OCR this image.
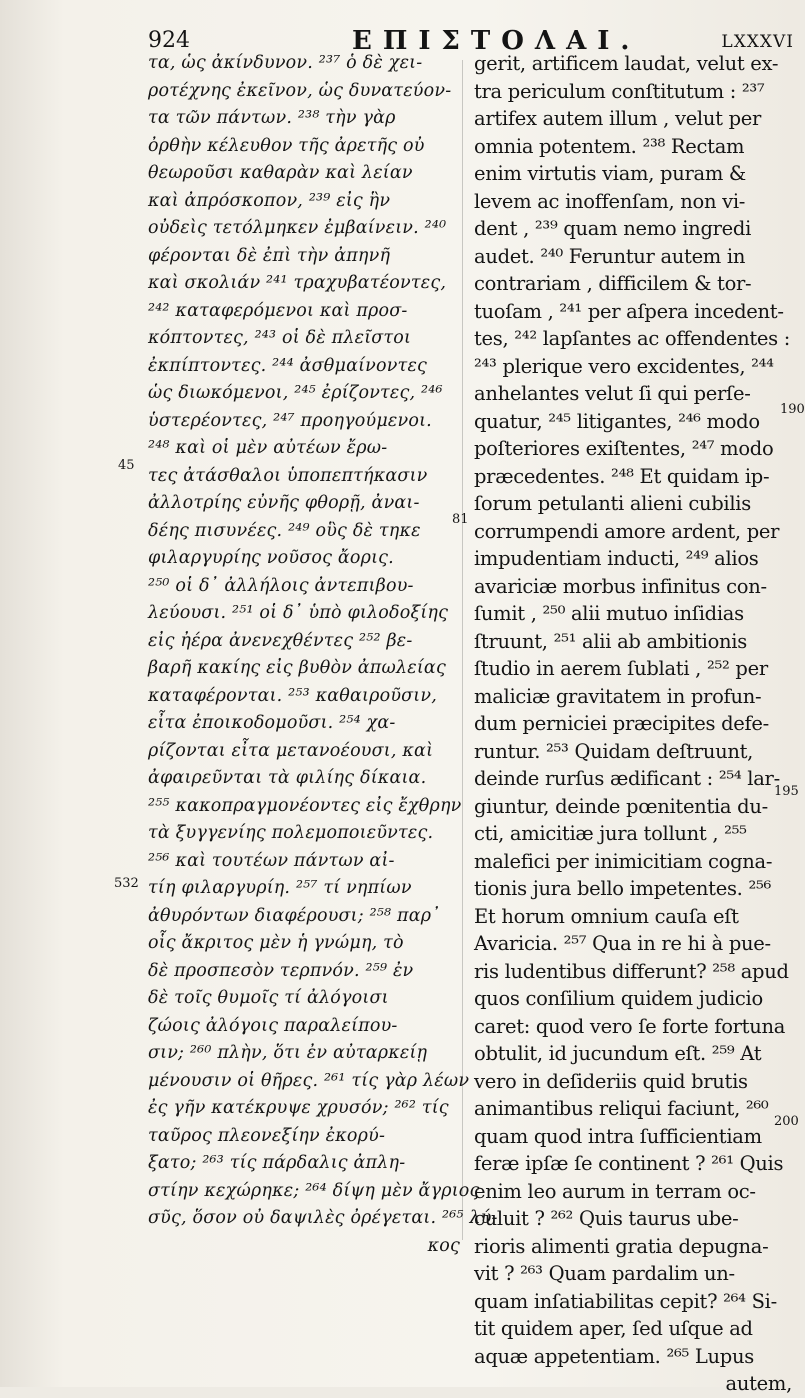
924	ΕΠΙΣΤΟΛΑΙ.	LXXXVI
τα, ὡς ἀκίνδυνον. ²³⁷ ὁ δὲ χει-
ροτέχνης ἐκεῖνον, ὡς δυνατεύον-
τα τῶν πάντων. ²³⁸ τὴν γὰρ
ὀρθὴν κέλευθον τῆς ἀρετῆς οὐ
θεωροῦσι καθαρὰν καὶ λείαν
καὶ ἀπρόσκοπον, ²³⁹ εἰς ἣν
οὐδεὶς τετόλμηκεν ἐμβαίνειν. ²⁴⁰
φέρονται δὲ ἐπὶ τὴν ἀπηνῆ
καὶ σκολιάν ²⁴¹ τραχυβατέοντες,
²⁴² καταφερόμενοι καὶ προσ-
κόπτοντες, ²⁴³ οἱ δὲ πλεῖστοι
ἐκπίπτοντες. ²⁴⁴ ἀσθμαίνοντες
ὡς διωκόμενοι, ²⁴⁵ ἐρίζοντες, ²⁴⁶
ὑστερέοντες, ²⁴⁷ προηγούμενοι.
²⁴⁸ καὶ οἱ μὲν αὐτέων ἔρω-
τες ἀτάσθαλοι ὑποπεπτήκασιν
ἀλλοτρίης εὐνῆς φθορῇ, ἀναι-
δέης πισυνέες. ²⁴⁹ οὓς δὲ τηκε
φιλαργυρίης νοῦσος ἄορις.
²⁵⁰ οἱ δ᾽ ἀλλήλοις ἀντεπιβου-
λεύουσι. ²⁵¹ οἱ δ᾽ ὑπὸ φιλοδοξίης
εἰς ἠέρα ἀνενεχθέντες ²⁵² βε-
βαρῆ κακίης εἰς βυθὸν ἀπωλείας
καταφέρονται. ²⁵³ καθαιροῦσιν,
εἶτα ἐποικοδομοῦσι. ²⁵⁴ χα-
ρίζονται εἶτα μετανοέουσι, καὶ
ἀφαιρεῦνται τὰ φιλίης δίκαια.
²⁵⁵ κακοπραγμονέοντες εἰς ἔχθρην
τὰ ξυγγενίης πολεμοποιεῦντες.
²⁵⁶ καὶ τουτέων πάντων αἰ-
τίη φιλαργυρίη. ²⁵⁷ τί νηπίων
ἀθυρόντων διαφέρουσι; ²⁵⁸ παρ᾽
οἷς ἄκριτος μὲν ἡ γνώμη, τὸ
δὲ προσπεσὸν τερπνόν. ²⁵⁹ ἐν
δὲ τοῖς θυμοῖς τί ἀλόγοισι
ζώοις ἀλόγοις παραλείπου-
σιν; ²⁶⁰ πλὴν, ὅτι ἐν αὐταρκείῃ
μένουσιν οἱ θῆρες. ²⁶¹ τίς γὰρ λέων
ἐς γῆν κατέκρυψε χρυσόν; ²⁶² τίς
ταῦρος πλεονεξίην ἐκορύ-
ξατο; ²⁶³ τίς πάρδαλις ἀπλη-
στίην κεχώρηκε; ²⁶⁴ δίψη μὲν ἄγριος
σῦς, ὅσον οὐ δαψιλὲς ὀρέγεται. ²⁶⁵ λύ-
κος
gerit, artificem laudat, velut ex-
tra periculum conſtitutum : ²³⁷
artifex autem illum , velut per
omnia potentem. ²³⁸ Rectam
enim virtutis viam, puram &
levem ac inoffenſam, non vi-
dent , ²³⁹ quam nemo ingredi
audet. ²⁴⁰ Feruntur autem in
contrariam , difficilem & tor-
tuoſam , ²⁴¹ per aſpera incedent-
tes, ²⁴² lapſantes ac offendentes :
²⁴³ plerique vero excidentes, ²⁴⁴
anhelantes velut ſi qui perſe-
quatur, ²⁴⁵ litigantes, ²⁴⁶ modo
poſteriores exiſtentes, ²⁴⁷ modo
præcedentes. ²⁴⁸ Et quidam ip-
ſorum petulanti alieni cubilis
corrumpendi amore ardent, per
impudentiam inducti, ²⁴⁹ alios
avariciæ morbus infinitus con-
ſumit , ²⁵⁰ alii mutuo inſidias
ſtruunt, ²⁵¹ alii ab ambitionis
ſtudio in aerem ſublati , ²⁵² per
maliciæ gravitatem in profun-
dum perniciei præcipites defe-
runtur. ²⁵³ Quidam deſtruunt,
deinde rurſus ædificant : ²⁵⁴ lar-
giuntur, deinde pœnitentia du-
cti, amicitiæ jura tollunt , ²⁵⁵
malefici per inimicitiam cogna-
tionis jura bello impetentes. ²⁵⁶
Et horum omnium cauſa eſt
Avaricia. ²⁵⁷ Qua in re hi à pue-
ris ludentibus differunt? ²⁵⁸ apud
quos conſilium quidem judicio
caret: quod vero ſe forte fortuna
obtulit, id jucundum eſt. ²⁵⁹ At
vero in deſideriis quid brutis
animantibus reliqui faciunt, ²⁶⁰
quam quod intra ſufficientiam
feræ ipſæ ſe continent ? ²⁶¹ Quis
enim leo aurum in terram oc-
culuit ? ²⁶² Quis taurus ube-
rioris alimenti gratia depugna-
vit ? ²⁶³ Quam pardalim un-
quam inſatiabilitas cepit? ²⁶⁴ Si-
tit quidem aper, ſed uſque ad
aquæ appetentiam. ²⁶⁵ Lupus
autem,
45
532
81
190
195
200
